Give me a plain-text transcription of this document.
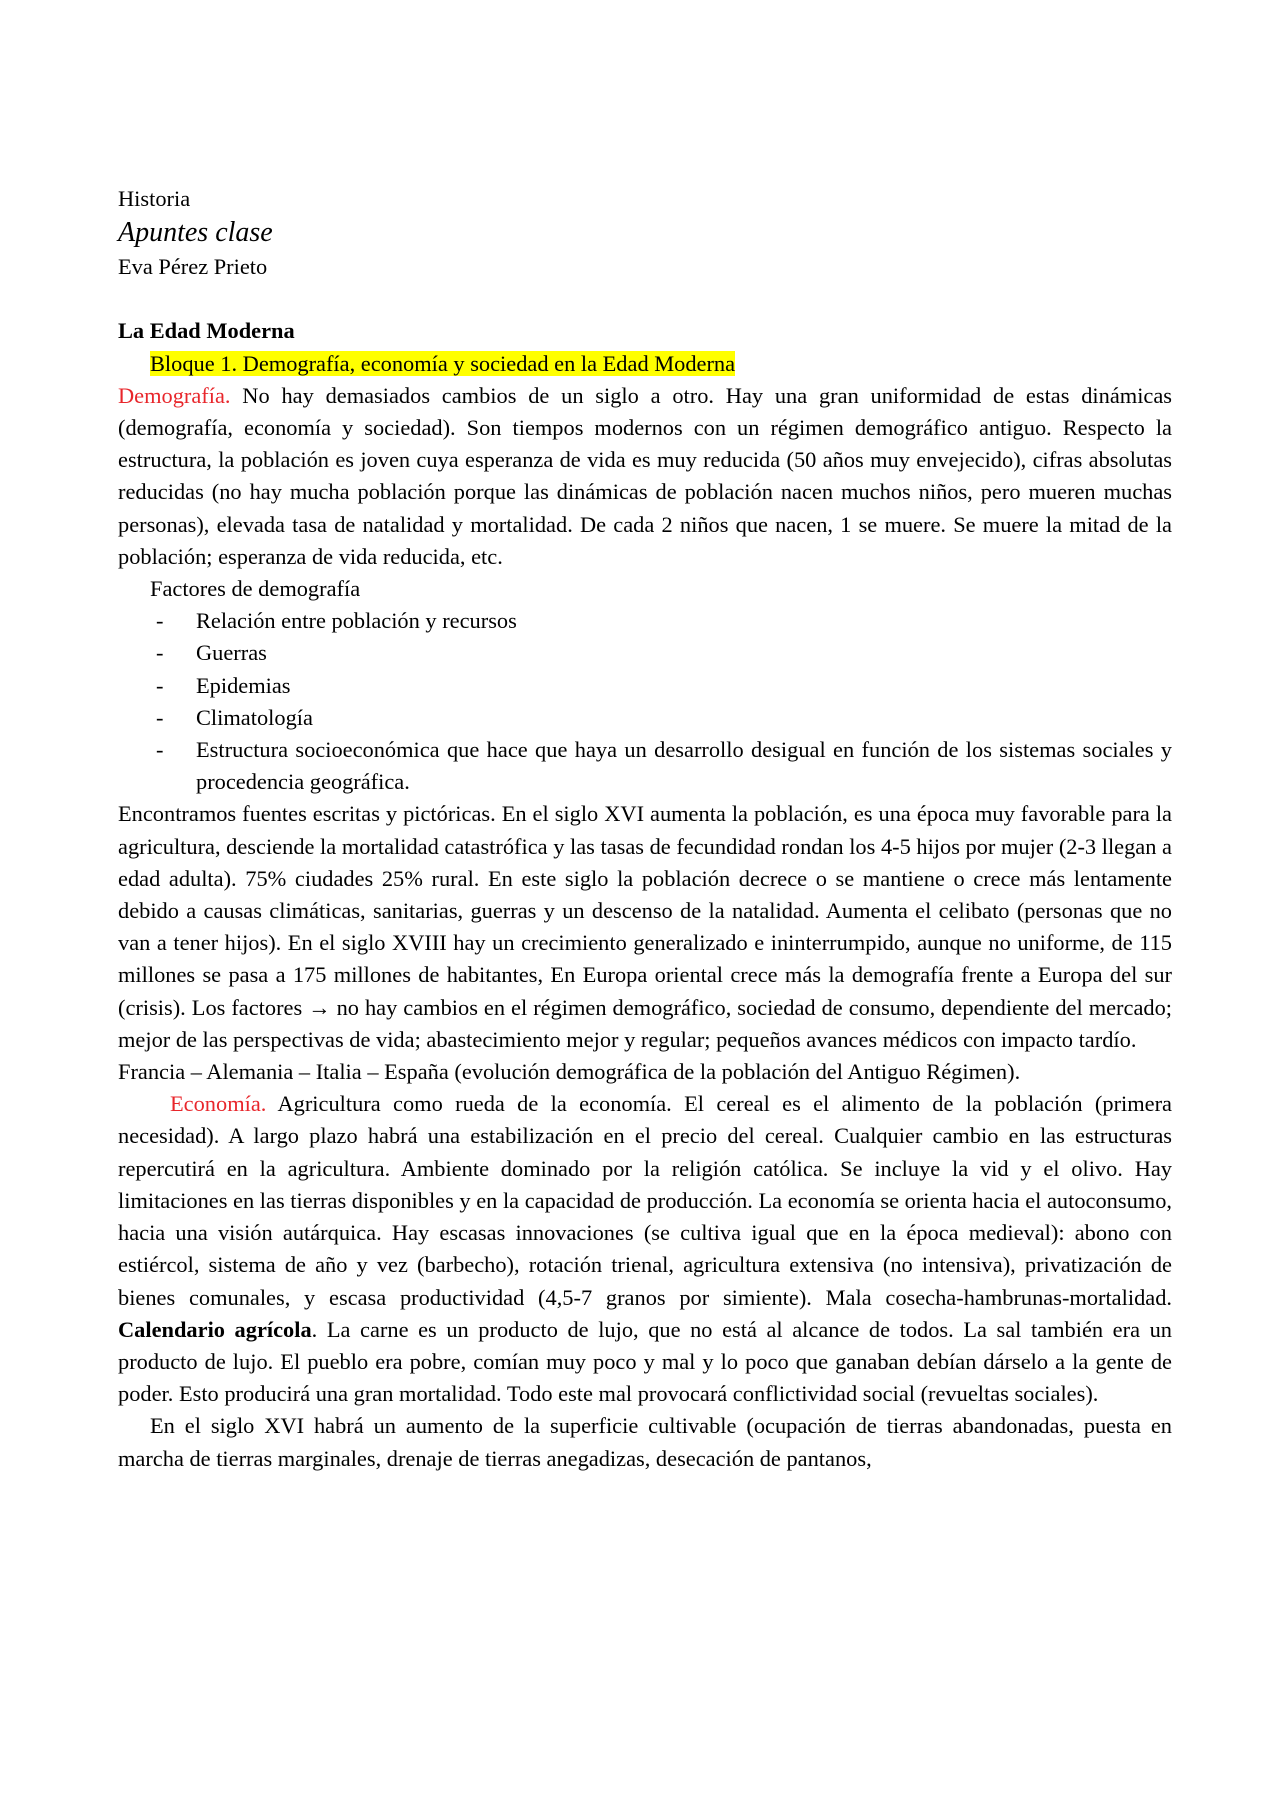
Historia
Apuntes clase
Eva Pérez Prieto
La Edad Moderna
Bloque 1. Demografía, economía y sociedad en la Edad Moderna

Demografía. No hay demasiados cambios de un siglo a otro. Hay una gran uniformidad de estas dinámicas (demografía, economía y sociedad). Son tiempos modernos con un régimen demográfico antiguo. Respecto la estructura, la población es joven cuya esperanza de vida es muy reducida (50 años muy envejecido), cifras absolutas reducidas (no hay mucha población porque las dinámicas de población nacen muchos niños, pero mueren muchas personas), elevada tasa de natalidad y mortalidad. De cada 2 niños que nacen, 1 se muere. Se muere la mitad de la población; esperanza de vida reducida, etc.

Factores de demografía
- Relación entre población y recursos
- Guerras
- Epidemias
- Climatología
- Estructura socioeconómica que hace que haya un desarrollo desigual en función de los sistemas sociales y procedencia geográfica.

Encontramos fuentes escritas y pictóricas. En el siglo XVI aumenta la población, es una época muy favorable para la agricultura, desciende la mortalidad catastrófica y las tasas de fecundidad rondan los 4-5 hijos por mujer (2-3 llegan a edad adulta). 75% ciudades 25% rural. En este siglo la población decrece o se mantiene o crece más lentamente debido a causas climáticas, sanitarias, guerras y un descenso de la natalidad. Aumenta el celibato (personas que no van a tener hijos). En el siglo XVIII hay un crecimiento generalizado e ininterrumpido, aunque no uniforme, de 115 millones se pasa a 175 millones de habitantes, En Europa oriental crece más la demografía frente a Europa del sur (crisis). Los factores → no hay cambios en el régimen demográfico, sociedad de consumo, dependiente del mercado; mejor de las perspectivas de vida; abastecimiento mejor y regular; pequeños avances médicos con impacto tardío.

Francia – Alemania – Italia – España (evolución demográfica de la población del Antiguo Régimen).

Economía. Agricultura como rueda de la economía. El cereal es el alimento de la población (primera necesidad). A largo plazo habrá una estabilización en el precio del cereal. Cualquier cambio en las estructuras repercutirá en la agricultura. Ambiente dominado por la religión católica. Se incluye la vid y el olivo. Hay limitaciones en las tierras disponibles y en la capacidad de producción. La economía se orienta hacia el autoconsumo, hacia una visión autárquica. Hay escasas innovaciones (se cultiva igual que en la época medieval): abono con estiércol, sistema de año y vez (barbecho), rotación trienal, agricultura extensiva (no intensiva), privatización de bienes comunales, y escasa productividad (4,5-7 granos por simiente). Mala cosecha-hambrunas-mortalidad. Calendario agrícola. La carne es un producto de lujo, que no está al alcance de todos. La sal también era un producto de lujo. El pueblo era pobre, comían muy poco y mal y lo poco que ganaban debían dárselo a la gente de poder. Esto producirá una gran mortalidad. Todo este mal provocará conflictividad social (revueltas sociales).

En el siglo XVI habrá un aumento de la superficie cultivable (ocupación de tierras abandonadas, puesta en marcha de tierras marginales, drenaje de tierras anegadizas, desecación de pantanos,
